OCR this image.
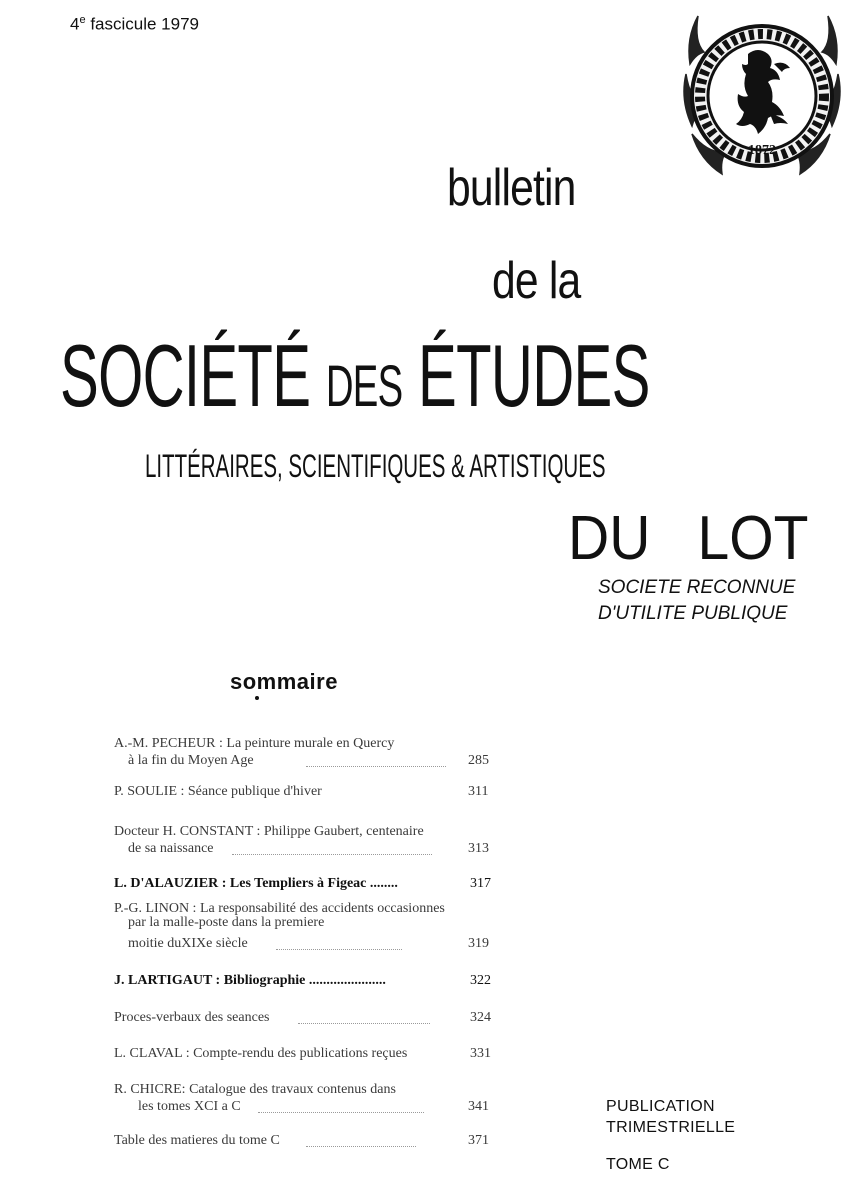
4e fascicule 1979
1872
bulletin
de la
SOCIÉTÉ DES ÉTUDES
LITTÉRAIRES, SCIENTIFIQUES & ARTISTIQUES
DU LOT
SOCIETE RECONNUE
D'UTILITE PUBLIQUE
sommaire
A.-M. PECHEUR : La peinture murale en Quercy
à la fin du Moyen Age	285
P. SOULIE : Séance publique d'hiver	311
Docteur H. CONSTANT : Philippe Gaubert, centenaire
de sa naissance	313
L. D'ALAUZIER : Les Templiers à Figeac ........	317
P.-G. LINON : La responsabilité des accidents occasionnes
par la malle-poste dans la premiere
moitie duXIXe siècle	319
J. LARTIGAUT : Bibliographie ......................	322
Proces-verbaux des seances	324
L. CLAVAL : Compte-rendu des publications reçues	331
R. CHICRE: Catalogue des travaux contenus dans
les tomes XCI a C	341
Table des matieres du tome C	371
PUBLICATION
TRIMESTRIELLE
TOME C
